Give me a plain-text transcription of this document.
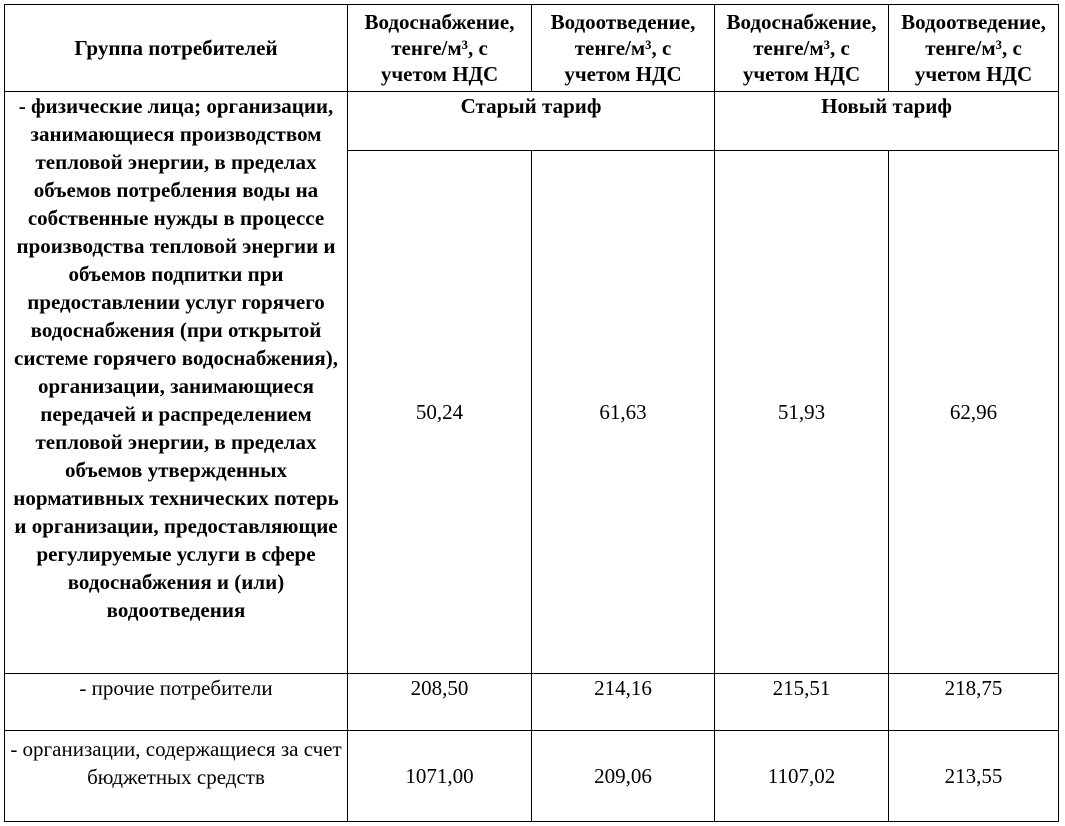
Группа потребителей	Водоснабжение,
тенге/м³, с
учетом НДС	Водоотведение,
тенге/м³, с
учетом НДС	Водоснабжение,
тенге/м³, с
учетом НДС	Водоотведение,
тенге/м³, с
учетом НДС
- физические лица; организации, занимающиеся производством тепловой энергии, в пределах объемов потребления воды на собственные нужды в процессе производства тепловой энергии и объемов подпитки при предоставлении услуг горячего водоснабжения (при открытой системе горячего водоснабжения), организации, занимающиеся передачей и распределением тепловой энергии, в пределах объемов утвержденных нормативных технических потерь и организации, предоставляющие регулируемые услуги в сфере водоснабжения и (или) водоотведения	Старый тариф		Новый тариф	
	50,24	61,63	51,93	62,96
- прочие потребители	208,50	214,16	215,51	218,75
- организации, содержащиеся за счет бюджетных средств	1071,00	209,06	1107,02	213,55
